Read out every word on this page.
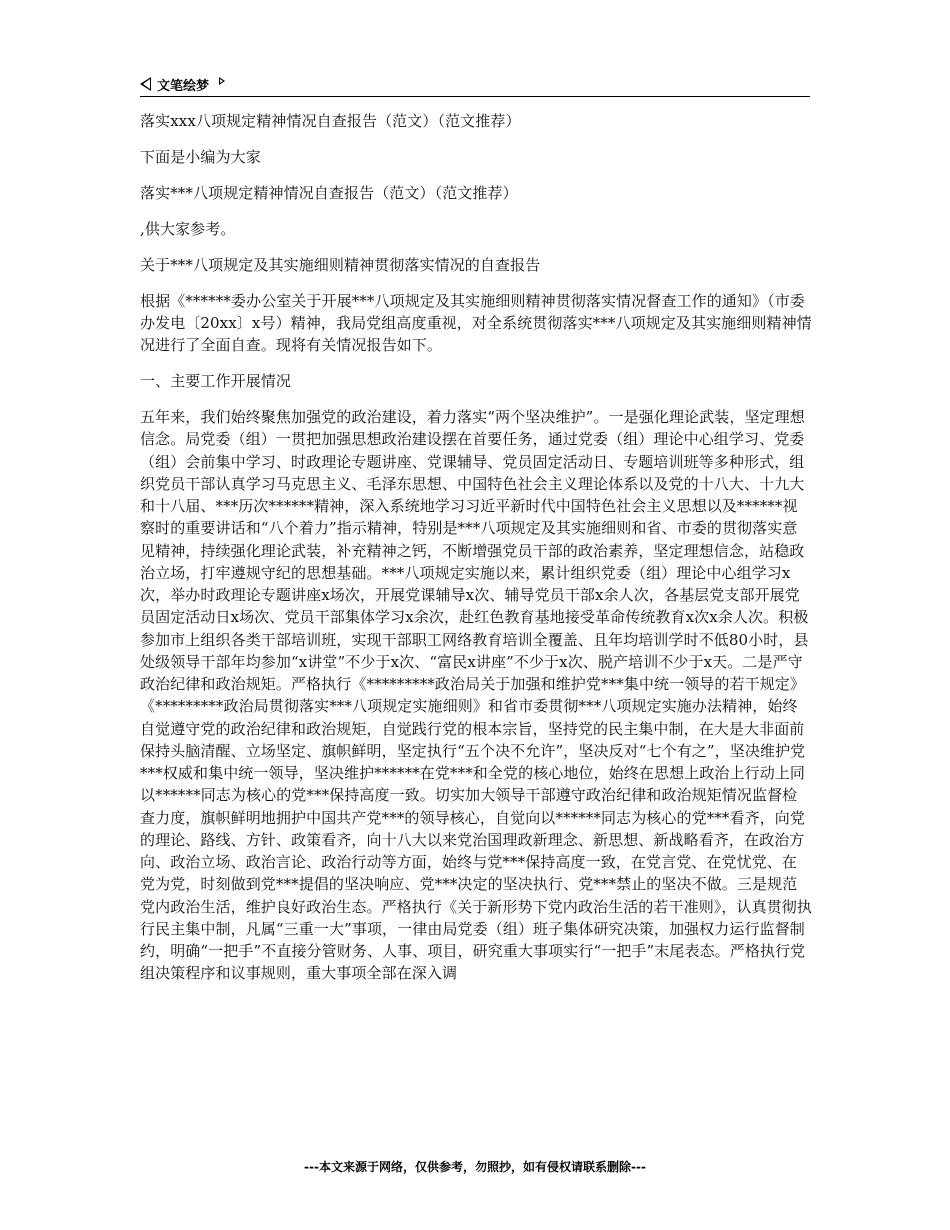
文笔绘梦

落实xxx八项规定精神情况自查报告（范文）（范文推荐）

下面是小编为大家

落实***八项规定精神情况自查报告（范文）（范文推荐）

,供大家参考。

关于***八项规定及其实施细则精神贯彻落实情况的自查报告

根据《******委办公室关于开展***八项规定及其实施细则精神贯彻落实情况督查工作的通知》（市委办发电〔20xx〕x号）精神，我局党组高度重视，对全系统贯彻落实***八项规定及其实施细则精神情况进行了全面自查。现将有关情况报告如下。

一、主要工作开展情况

五年来，我们始终聚焦加强党的政治建设，着力落实“两个坚决维护”。一是强化理论武装，坚定理想信念。局党委（组）一贯把加强思想政治建设摆在首要任务，通过党委（组）理论中心组学习、党委（组）会前集中学习、时政理论专题讲座、党课辅导、党员固定活动日、专题培训班等多种形式，组织党员干部认真学习马克思主义、毛泽东思想、中国特色社会主义理论体系以及党的十八大、十九大和十八届、***历次******精神，深入系统地学习习近平新时代中国特色社会主义思想以及******视察时的重要讲话和“八个着力”指示精神，特别是***八项规定及其实施细则和省、市委的贯彻落实意见精神，持续强化理论武装，补充精神之钙，不断增强党员干部的政治素养，坚定理想信念，站稳政治立场，打牢遵规守纪的思想基础。***八项规定实施以来，累计组织党委（组）理论中心组学习x次，举办时政理论专题讲座x场次，开展党课辅导x次、辅导党员干部x余人次，各基层党支部开展党员固定活动日x场次、党员干部集体学习x余次，赴红色教育基地接受革命传统教育x次x余人次。积极参加市上组织各类干部培训班，实现干部职工网络教育培训全覆盖、且年均培训学时不低80小时，县处级领导干部年均参加“x讲堂”不少于x次、“富民x讲座”不少于x次、脱产培训不少于x天。二是严守政治纪律和政治规矩。严格执行《*********政治局关于加强和维护党***集中统一领导的若干规定》《*********政治局贯彻落实***八项规定实施细则》和省市委贯彻***八项规定实施办法精神，始终自觉遵守党的政治纪律和政治规矩，自觉践行党的根本宗旨，坚持党的民主集中制，在大是大非面前保持头脑清醒、立场坚定、旗帜鲜明，坚定执行“五个决不允许”，坚决反对“七个有之”，坚决维护党***权威和集中统一领导，坚决维护******在党***和全党的核心地位，始终在思想上政治上行动上同以******同志为核心的党***保持高度一致。切实加大领导干部遵守政治纪律和政治规矩情况监督检查力度，旗帜鲜明地拥护中国共产党***的领导核心，自觉向以******同志为核心的党***看齐，向党的理论、路线、方针、政策看齐，向十八大以来党治国理政新理念、新思想、新战略看齐，在政治方向、政治立场、政治言论、政治行动等方面，始终与党***保持高度一致，在党言党、在党忧党、在党为党，时刻做到党***提倡的坚决响应、党***决定的坚决执行、党***禁止的坚决不做。三是规范党内政治生活，维护良好政治生态。严格执行《关于新形势下党内政治生活的若干准则》，认真贯彻执行民主集中制，凡属“三重一大”事项，一律由局党委（组）班子集体研究决策，加强权力运行监督制约，明确“一把手”不直接分管财务、人事、项目，研究重大事项实行“一把手”末尾表态。严格执行党组决策程序和议事规则，重大事项全部在深入调

---本文来源于网络，仅供参考，勿照抄，如有侵权请联系删除---
